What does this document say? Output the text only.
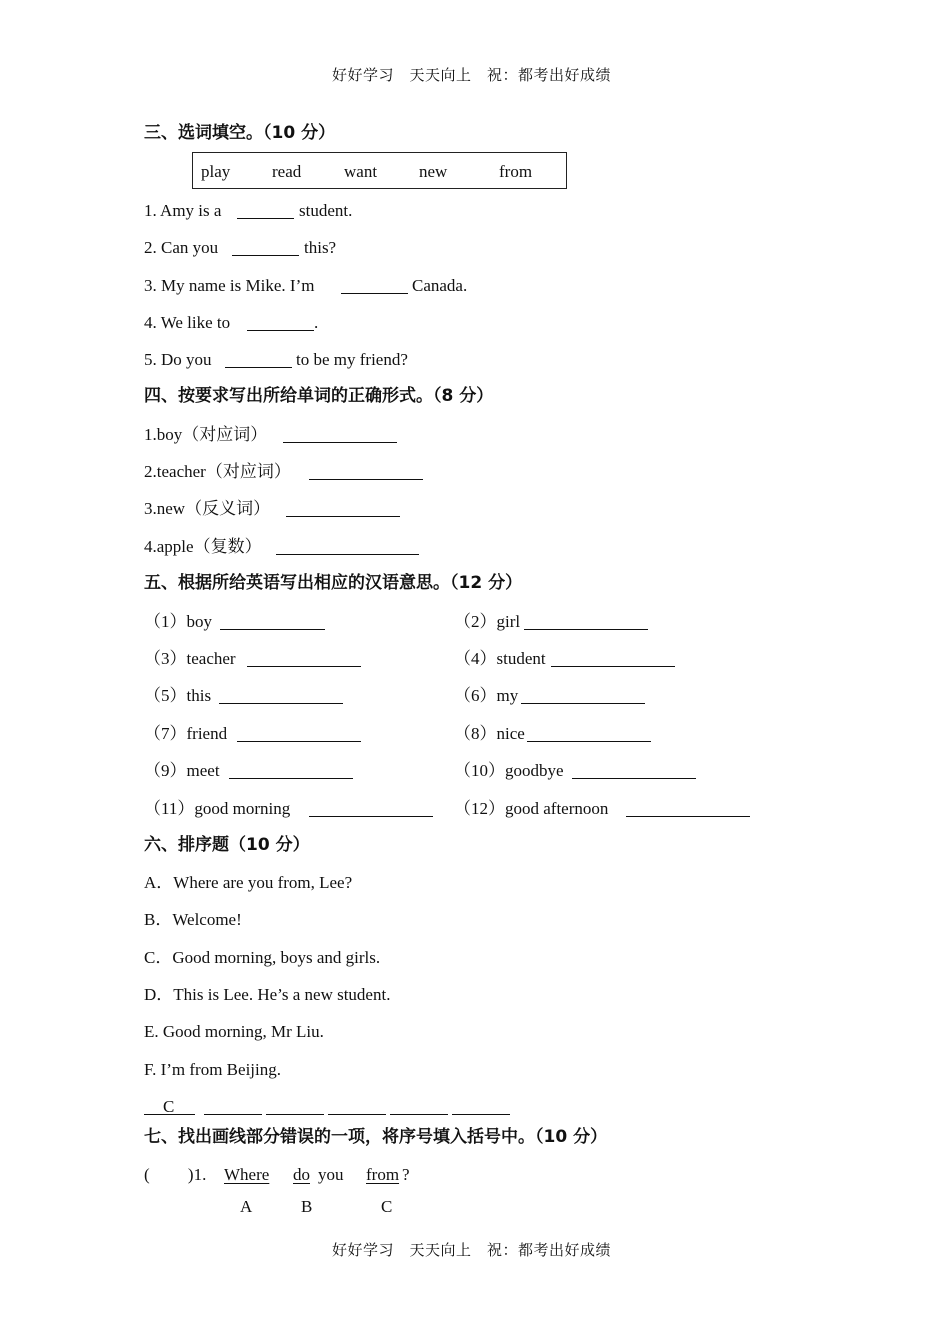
好好学习　天天向上　祝：都考出好成绩
三、选词填空。（10 分）
play read	want new	from
1. Amy is a	student.
2. Can you	this?
3. My name is Mike. I’m	Canada.
4. We like to	.
5. Do you	to be my friend?
四、按要求写出所给单词的正确形式。（8 分）
1.boy（对应词）
2.teacher（对应词）
3.new（反义词）
4.apple（复数）
五、根据所给英语写出相应的汉语意思。（12 分）
（1）boy	（2）girl
（3）teacher	（4）student
（5）this	（6）my
（7）friend	（8）nice
（9）meet	（10）goodbye
（11）good morning	（12）good afternoon
六、排序题（10 分）
A．Where are you from, Lee?
B．Welcome!
C．Good morning, boys and girls.
D．This is Lee. He’s a new student.
E. Good morning, Mr Liu.
F. I’m from Beijing.
C
七、找出画线部分错误的一项，将序号填入括号中。（10 分）
(　　 )1. Where do you from ?
A	B	C
好好学习　天天向上　祝：都考出好成绩
